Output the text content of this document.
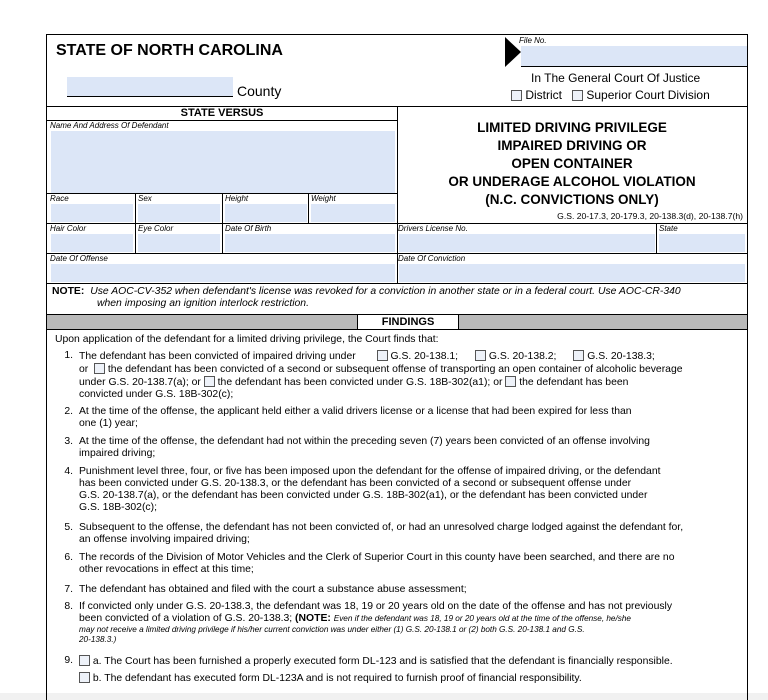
STATE OF NORTH CAROLINA
County
File No.
In The General Court Of Justice
District Superior Court Division
STATE VERSUS
Name And Address Of Defendant
Race	Sex	Height	Weight
Hair Color	Eye Color	Date Of Birth
Date Of Offense
LIMITED DRIVING PRIVILEGE
IMPAIRED DRIVING OR
OPEN CONTAINER
OR UNDERAGE ALCOHOL VIOLATION
(N.C. CONVICTIONS ONLY)
G.S. 20-17.3, 20-179.3, 20-138.3(d), 20-138.7(h)
Drivers License No.	State
Date Of Conviction
NOTE: Use AOC-CV-352 when defendant's license was revoked for a conviction in another state or in a federal court. Use AOC-CR-340
when imposing an ignition interlock restriction.
FINDINGS
Upon application of the defendant for a limited driving privilege, the Court finds that:
1. The defendant has been convicted of impaired driving under	G.S. 20-138.1;	G.S. 20-138.2;	G.S. 20-138.3;
or the defendant has been convicted of a second or subsequent offense of transporting an open container of alcoholic beverage
under G.S. 20-138.7(a); or the defendant has been convicted under G.S. 18B-302(a1); or the defendant has been
convicted under G.S. 18B-302(c);
2. At the time of the offense, the applicant held either a valid drivers license or a license that had been expired for less than
one (1) year;
3. At the time of the offense, the defendant had not within the preceding seven (7) years been convicted of an offense involving
impaired driving;
4. Punishment level three, four, or five has been imposed upon the defendant for the offense of impaired driving, or the defendant
has been convicted under G.S. 20-138.3, or the defendant has been convicted of a second or subsequent offense under
G.S. 20-138.7(a), or the defendant has been convicted under G.S. 18B-302(a1), or the defendant has been convicted under
G.S. 18B-302(c);
5. Subsequent to the offense, the defendant has not been convicted of, or had an unresolved charge lodged against the defendant for,
an offense involving impaired driving;
6. The records of the Division of Motor Vehicles and the Clerk of Superior Court in this county have been searched, and there are no
other revocations in effect at this time;
7. The defendant has obtained and filed with the court a substance abuse assessment;
8. If convicted only under G.S. 20-138.3, the defendant was 18, 19 or 20 years old on the date of the offense and has not previously
been convicted of a violation of G.S. 20-138.3; (NOTE: Even if the defendant was 18, 19 or 20 years old at the time of the offense, he/she
may not receive a limited driving privilege if his/her current conviction was under either (1) G.S. 20-138.1 or (2) both G.S. 20-138.1 and G.S.
20-138.3.)
9.	a. The Court has been furnished a properly executed form DL-123 and is satisfied that the defendant is financially responsible.
b. The defendant has executed form DL-123A and is not required to furnish proof of financial responsibility.
